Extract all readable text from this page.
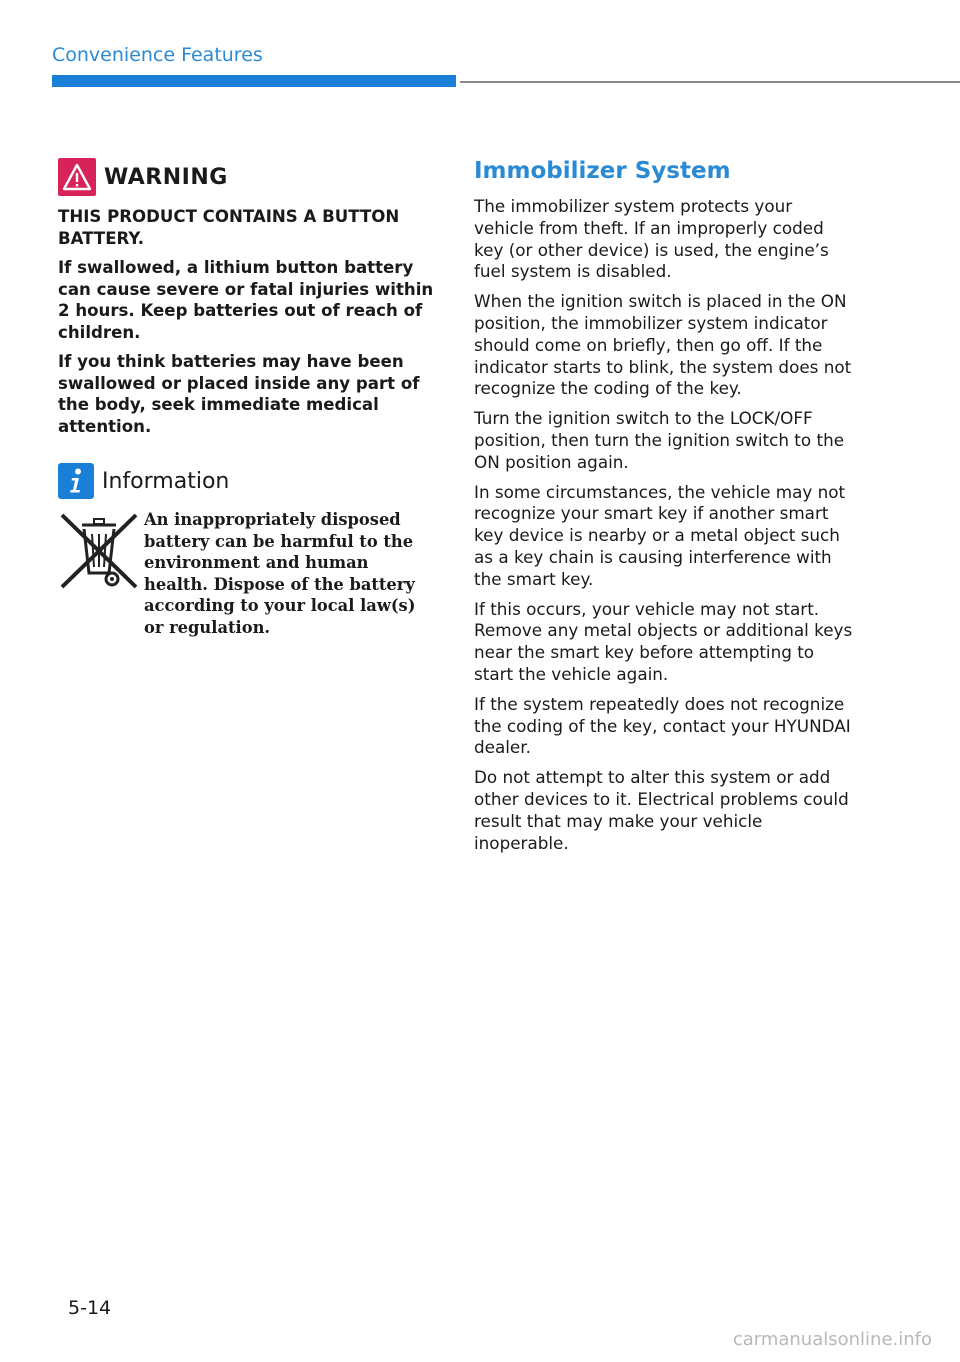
Convenience Features
WARNING

THIS PRODUCT CONTAINS A BUTTON BATTERY.

If swallowed, a lithium button battery can cause severe or fatal injuries within 2 hours. Keep batteries out of reach of children.

If you think batteries may have been swallowed or placed inside any part of the body, seek immediate medical attention.

Information

An inappropriately disposed battery can be harmful to the environment and human health. Dispose of the battery according to your local law(s) or regulation.

Immobilizer System

The immobilizer system protects your vehicle from theft. If an improperly coded key (or other device) is used, the engine’s fuel system is disabled.

When the ignition switch is placed in the ON position, the immobilizer system indicator should come on briefly, then go off. If the indicator starts to blink, the system does not recognize the coding of the key.

Turn the ignition switch to the LOCK/OFF position, then turn the ignition switch to the ON position again.

In some circumstances, the vehicle may not recognize your smart key if another smart key device is nearby or a metal object such as a key chain is causing interference with the smart key.

If this occurs, your vehicle may not start. Remove any metal objects or additional keys near the smart key before attempting to start the vehicle again.

If the system repeatedly does not recognize the coding of the key, contact your HYUNDAI dealer.

Do not attempt to alter this system or add other devices to it. Electrical problems could result that may make your vehicle inoperable.

5-14
carmanualsonline.info
